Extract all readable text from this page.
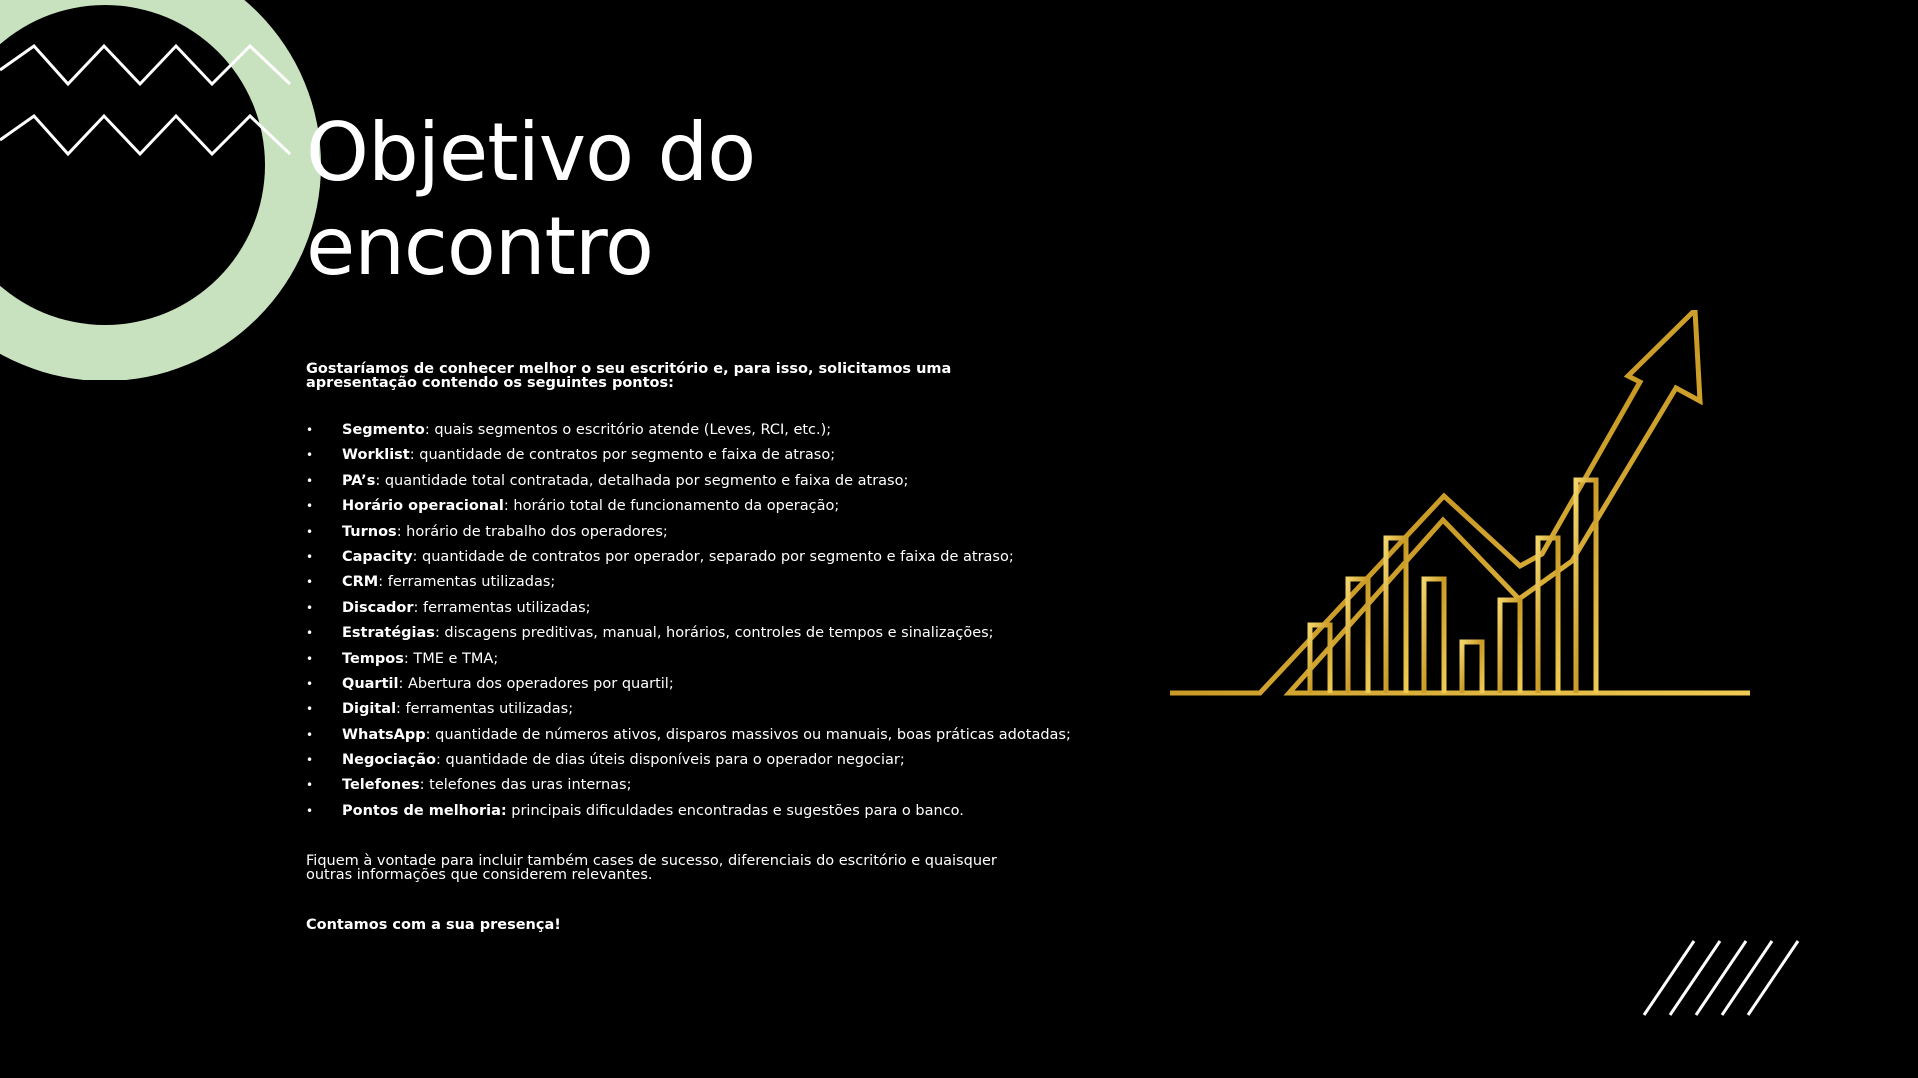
Objetivo do
encontro

Gostaríamos de conhecer melhor o seu escritório e, para isso, solicitamos uma apresentação contendo os seguintes pontos:

• Segmento: quais segmentos o escritório atende (Leves, RCI, etc.);
• Worklist: quantidade de contratos por segmento e faixa de atraso;
• PA’s: quantidade total contratada, detalhada por segmento e faixa de atraso;
• Horário operacional: horário total de funcionamento da operação;
• Turnos: horário de trabalho dos operadores;
• Capacity: quantidade de contratos por operador, separado por segmento e faixa de atraso;
• CRM: ferramentas utilizadas;
• Discador: ferramentas utilizadas;
• Estratégias: discagens preditivas, manual, horários, controles de tempos e sinalizações;
• Tempos: TME e TMA;
• Quartil: Abertura dos operadores por quartil;
• Digital: ferramentas utilizadas;
• WhatsApp: quantidade de números ativos, disparos massivos ou manuais, boas práticas adotadas;
• Negociação: quantidade de dias úteis disponíveis para o operador negociar;
• Telefones: telefones das uras internas;
• Pontos de melhoria: principais dificuldades encontradas e sugestões para o banco.

Fiquem à vontade para incluir também cases de sucesso, diferenciais do escritório e quaisquer outras informações que considerem relevantes.

Contamos com a sua presença!
